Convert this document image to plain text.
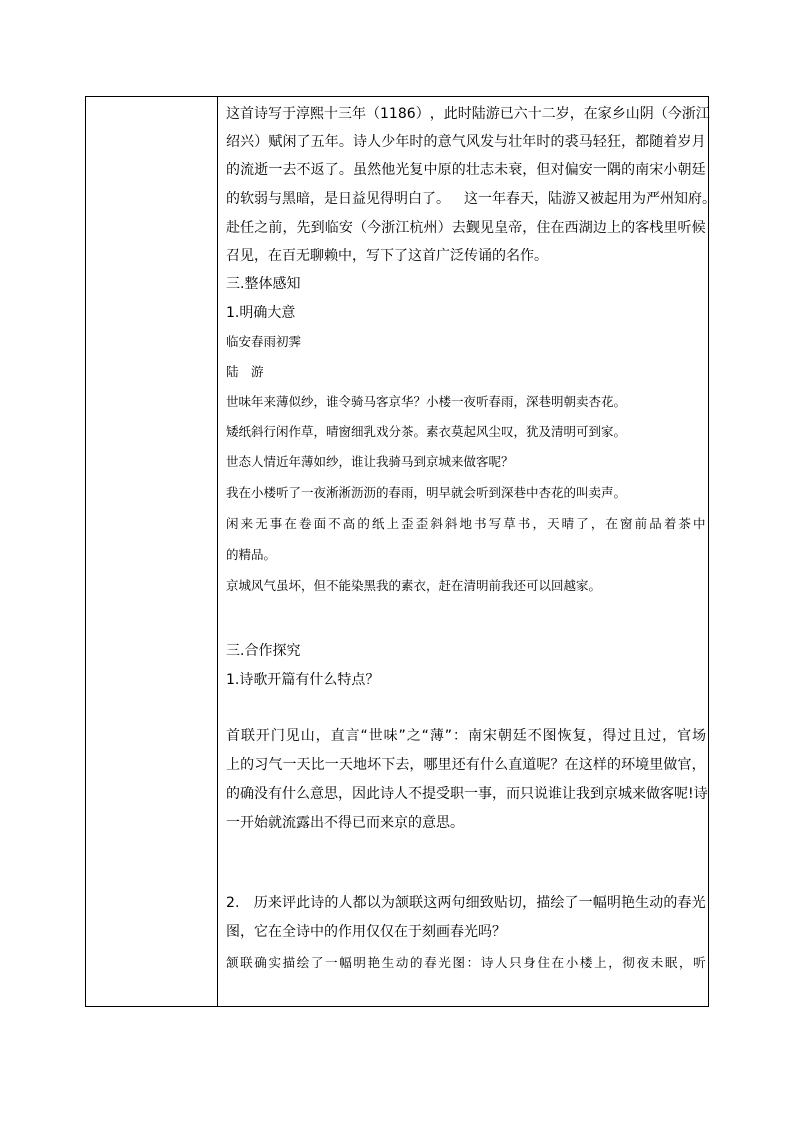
这 首 诗 写 于 淳 熙 十 三 年 （ 1 1 8 6 ） ， 此 时 陆 游 已 六 十 二 岁 ， 在 家 乡 山 阴 （ 今 浙 江
绍 兴 ） 赋 闲 了 五 年 。 诗 人 少 年 时 的 意 气 风 发 与 壮 年 时 的 裘 马 轻 狂 ， 都 随 着 岁 月
的 流 逝 一 去 不 返 了 。 虽 然 他 光 复 中 原 的 壮 志 未 衰 ， 但 对 偏 安 一 隅 的 南 宋 小 朝 廷
的 软 弱 与 黑 暗 ， 是 日 益 见 得 明 白 了 。
　 这 一 年 春 天 ， 陆 游 又 被 起 用 为 严 州 知 府 。
赴 任 之 前 ， 先 到 临 安 （ 今 浙 江 杭 州 ） 去 觐 见 皇 帝 ， 住 在 西 湖 边 上 的 客 栈 里 听 候
召见，在百无聊赖中，写下了这首广泛传诵的名作。
三.整体感知
1.明确大意
临安春雨初霁
陆　游
世味年来薄似纱，谁令骑马客京华？小楼一夜听春雨，深巷明朝卖杏花。
矮纸斜行闲作草，晴窗细乳戏分茶。素衣莫起风尘叹，犹及清明可到家。
世态人情近年薄如纱，谁让我骑马到京城来做客呢？
我在小楼听了一夜淅淅沥沥的春雨，明早就会听到深巷中杏花的叫卖声。
闲 来 无 事 在 卷 面 不 高 的 纸 上 歪 歪 斜 斜 地 书 写 草 书 ， 天 晴 了 ， 在 窗 前 品 着 茶 中
的精品。
京城风气虽坏，但不能染黑我的素衣，赶在清明前我还可以回越家。
三.合作探究
1.诗歌开篇有什么特点？
首 联 开 门 见 山 ， 直 言 “ 世 味 ” 之 “ 薄 ” ： 南 宋 朝 廷 不 图 恢 复 ， 得 过 且 过 ， 官 场
上 的 习 气 一 天 比 一 天 地 坏 下 去 ， 哪 里 还 有 什 么 直 道 呢 ？ 在 这 样 的 环 境 里 做 官 ，
的 确 没 有 什 么 意 思 ， 因 此 诗 人 不 提 受 职 一 事 ， 而 只 说 谁 让 我 到 京 城 来 做 客 呢 ! 诗
一开始就流露出不得已而来京的意思。
2 .
　 历 来 评 此 诗 的 人 都 以 为 颔 联 这 两 句 细 致 贴 切 ， 描 绘 了 一 幅 明 艳 生 动 的 春 光
图，它在全诗中的作用仅仅在于刻画春光吗？
颔 联 确 实 描 绘 了 一 幅 明 艳 生 动 的 春 光 图 ： 诗 人 只 身 住 在 小 楼 上 ， 彻 夜 未 眠 ， 听
